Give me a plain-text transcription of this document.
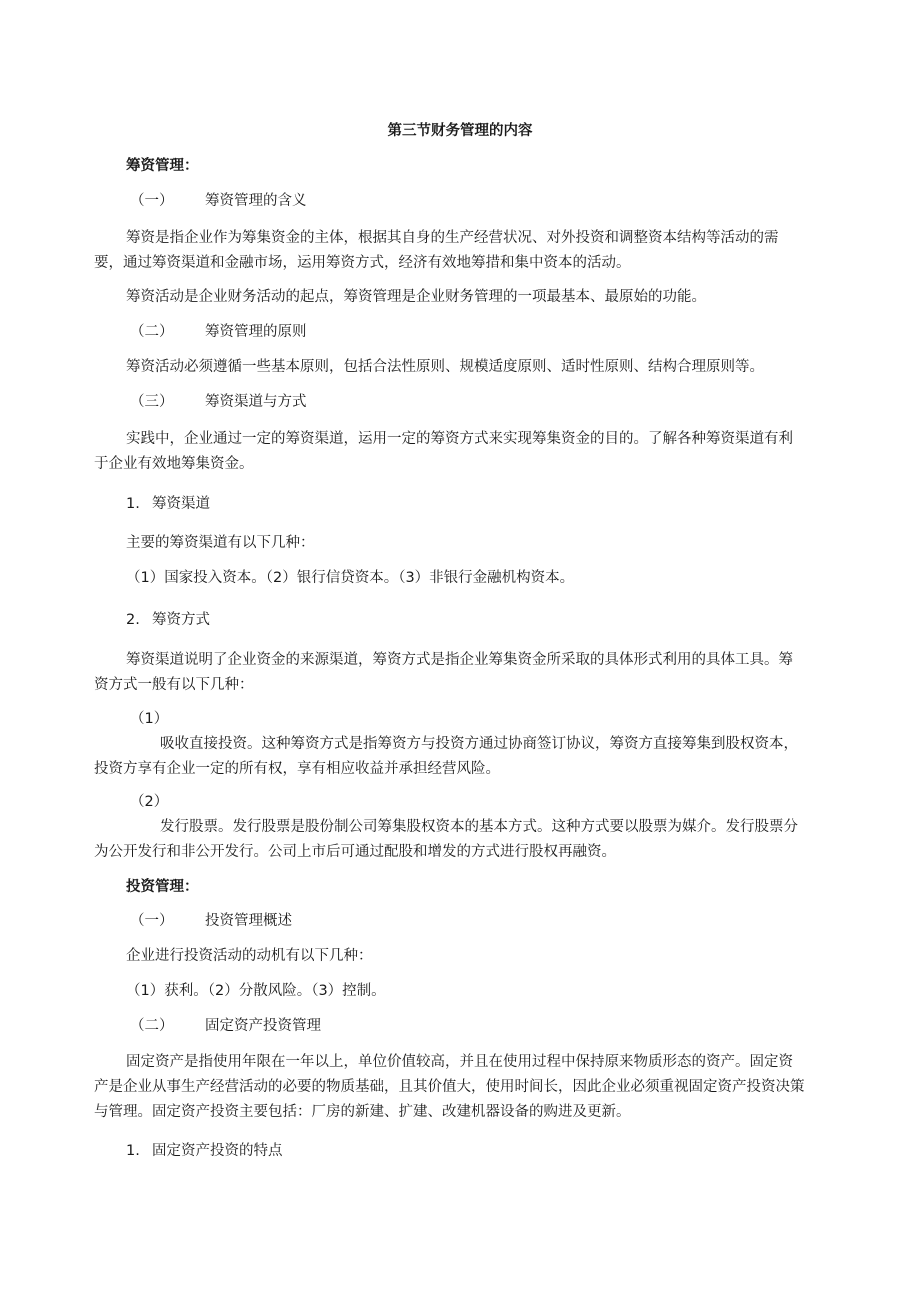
第三节财务管理的内容
筹资管理：
（一） 筹资管理的含义
筹资是指企业作为筹集资金的主体，根据其自身的生产经营状况、对外投资和调整资本结构等活动的需要，通过筹资渠道和金融市场，运用筹资方式，经济有效地筹措和集中资本的活动。
筹资活动是企业财务活动的起点，筹资管理是企业财务管理的一项最基本、最原始的功能。
（二） 筹资管理的原则
筹资活动必须遵循一些基本原则，包括合法性原则、规模适度原则、适时性原则、结构合理原则等。
（三） 筹资渠道与方式
实践中，企业通过一定的筹资渠道，运用一定的筹资方式来实现筹集资金的目的。了解各种筹资渠道有利于企业有效地筹集资金。
1. 筹资渠道
主要的筹资渠道有以下几种：
（1）国家投入资本。（2）银行信贷资本。（3）非银行金融机构资本。
2. 筹资方式
筹资渠道说明了企业资金的来源渠道，筹资方式是指企业筹集资金所采取的具体形式利用的具体工具。筹资方式一般有以下几种：
（1）
吸收直接投资。这种筹资方式是指筹资方与投资方通过协商签订协议，筹资方直接筹集到股权资本，投资方享有企业一定的所有权，享有相应收益并承担经营风险。
（2）
发行股票。发行股票是股份制公司筹集股权资本的基本方式。这种方式要以股票为媒介。发行股票分为公开发行和非公开发行。公司上市后可通过配股和增发的方式进行股权再融资。
投资管理：
（一） 投资管理概述
企业进行投资活动的动机有以下几种：
（1）获利。（2）分散风险。（3）控制。
（二） 固定资产投资管理
固定资产是指使用年限在一年以上，单位价值较高，并且在使用过程中保持原来物质形态的资产。固定资产是企业从事生产经营活动的必要的物质基础，且其价值大，使用时间长，因此企业必须重视固定资产投资决策与管理。固定资产投资主要包括：厂房的新建、扩建、改建机器设备的购进及更新。
1. 固定资产投资的特点
